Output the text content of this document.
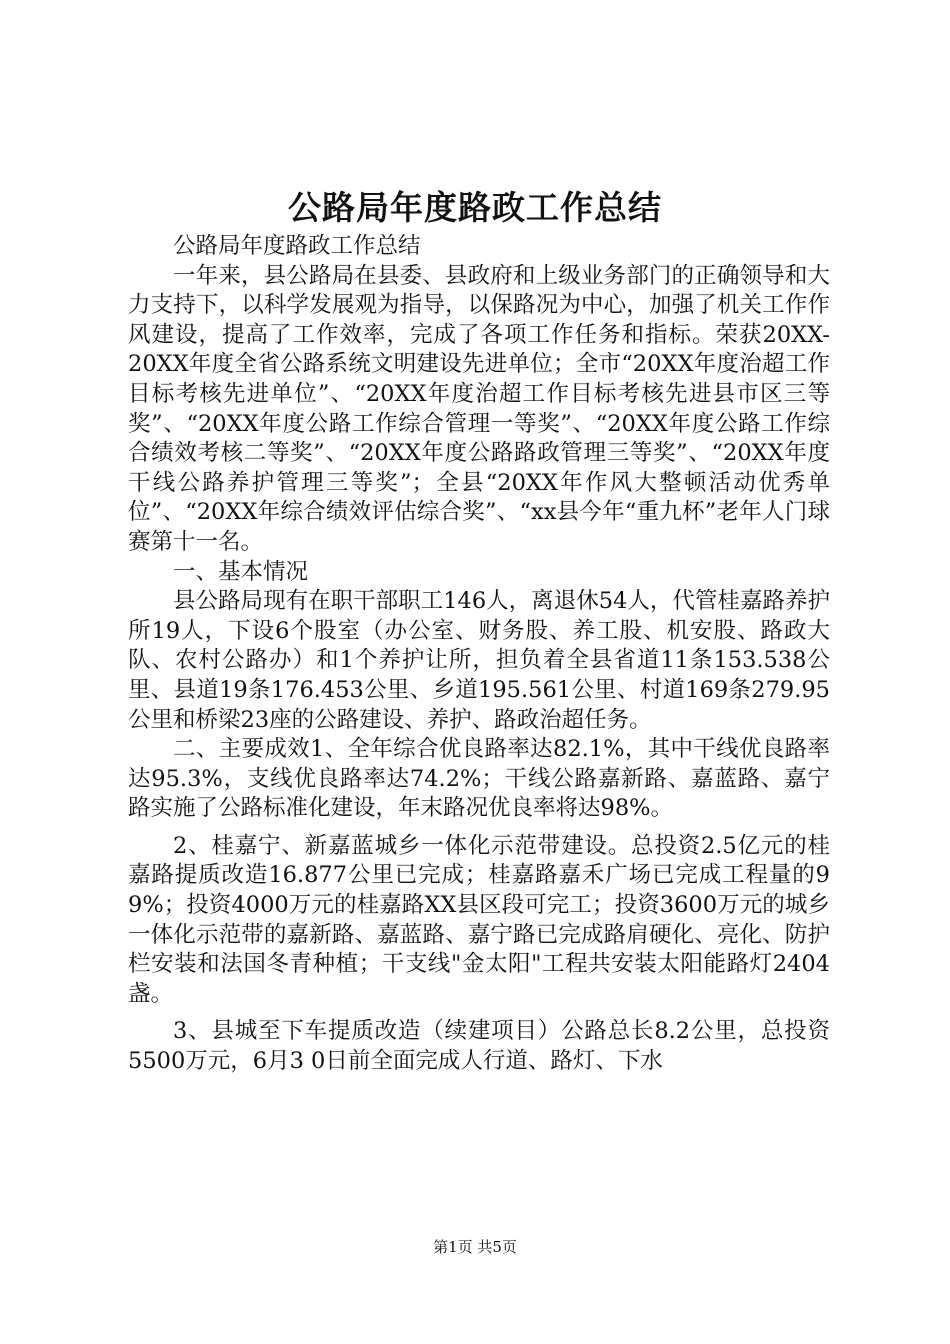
公路局年度路政工作总结

公路局年度路政工作总结

一年来，县公路局在县委、县政府和上级业务部门的正确领导和大力支持下，以科学发展观为指导，以保路况为中心，加强了机关工作作风建设，提高了工作效率，完成了各项工作任务和指标。荣获20XX-20XX年度全省公路系统文明建设先进单位；全市“20XX年度治超工作目标考核先进单位”、“20XX年度治超工作目标考核先进县市区三等奖”、“20XX年度公路工作综合管理一等奖”、“20XX年度公路工作综合绩效考核二等奖”、“20XX年度公路路政管理三等奖”、“20XX年度干线公路养护管理三等奖”；全县“20XX年作风大整顿活动优秀单位”、“20XX年综合绩效评估综合奖”、“xx县今年“重九杯”老年人门球赛第十一名。

一、基本情况

县公路局现有在职干部职工146人，离退休54人，代管桂嘉路养护所19人，下设6个股室（办公室、财务股、养工股、机安股、路政大队、农村公路办）和1个养护让所，担负着全县省道11条153.538公里、县道19条176.453公里、乡道195.561公里、村道169条279.95公里和桥梁23座的公路建设、养护、路政治超任务。

二、主要成效1、全年综合优良路率达82.1%，其中干线优良路率达95.3%，支线优良路率达74.2%；干线公路嘉新路、嘉蓝路、嘉宁路实施了公路标准化建设，年末路况优良率将达98%。

2、桂嘉宁、新嘉蓝城乡一体化示范带建设。总投资2.5亿元的桂嘉路提质改造16.877公里已完成；桂嘉路嘉禾广场已完成工程量的9 9%；投资4000万元的桂嘉路XX县区段可完工；投资3600万元的城乡一体化示范带的嘉新路、嘉蓝路、嘉宁路已完成路肩硬化、亮化、防护栏安装和法国冬青种植；干支线"金太阳"工程共安装太阳能路灯2404盏。

3、县城至下车提质改造（续建项目）公路总长8.2公里，总投资5500万元，6月3 0日前全面完成人行道、路灯、下水

第1页 共5页
